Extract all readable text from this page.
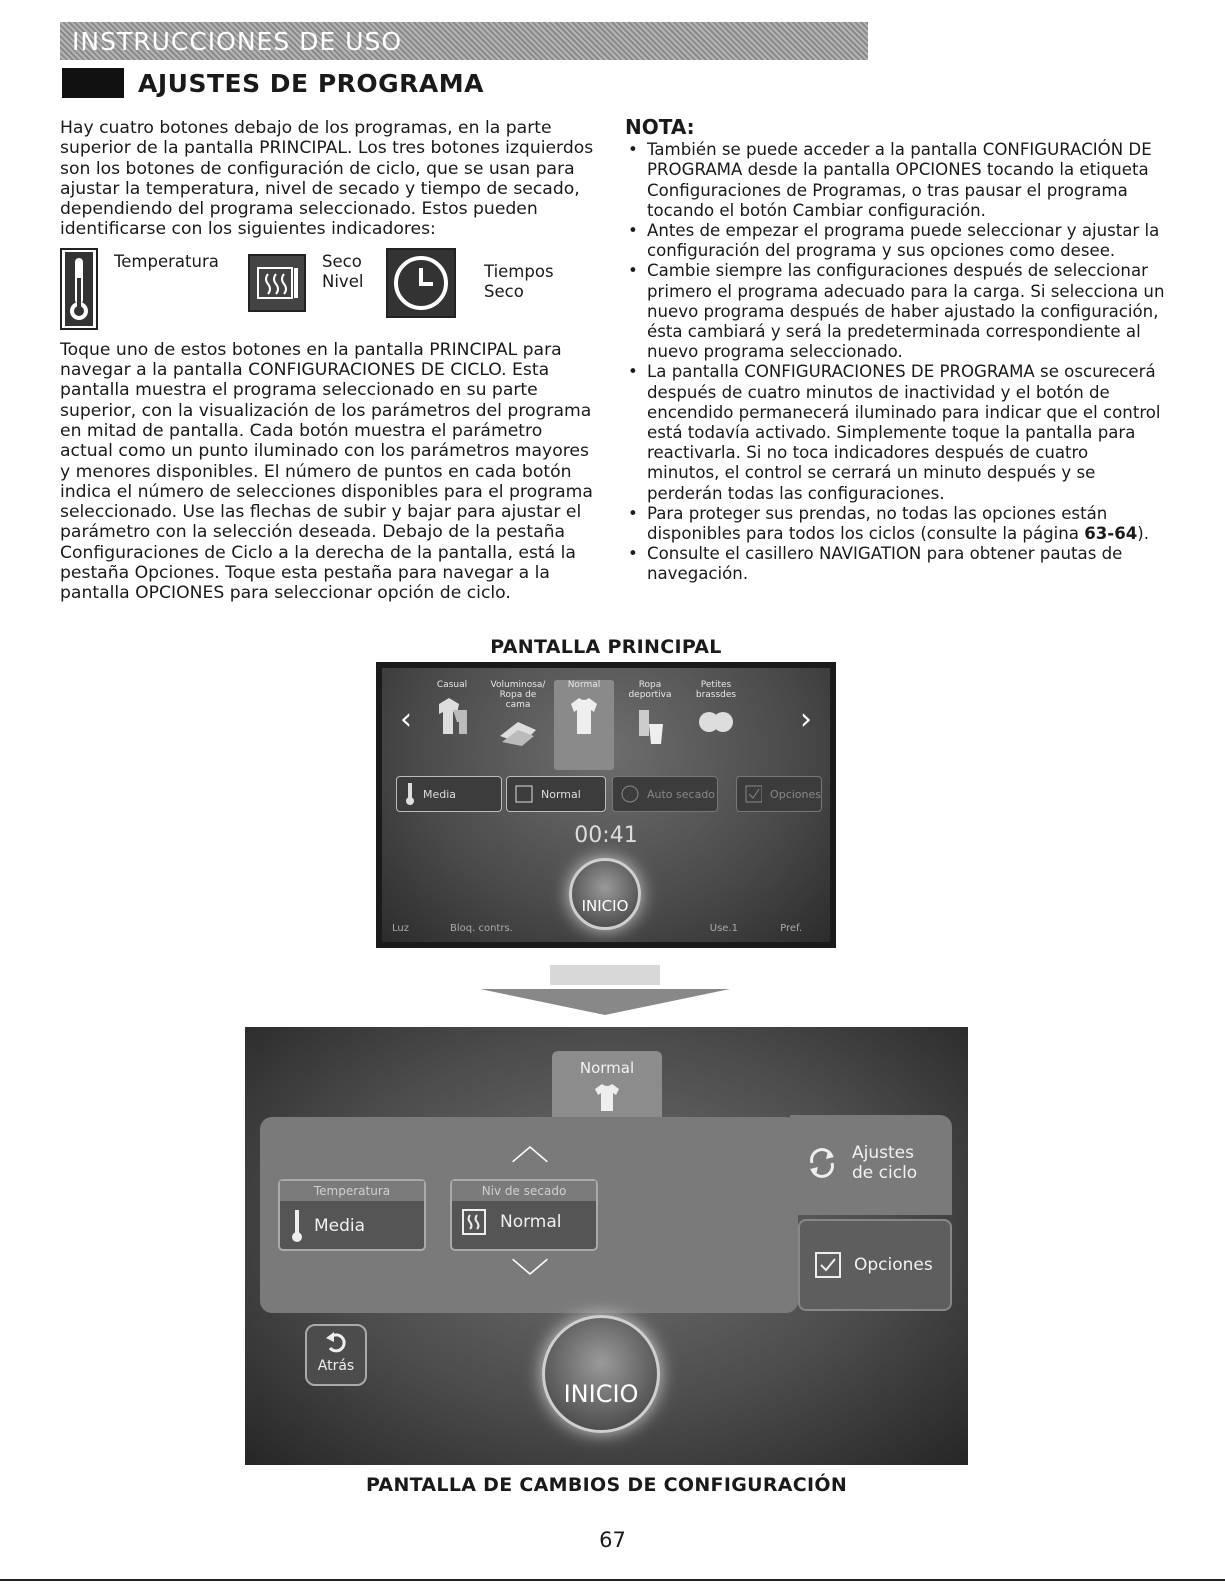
INSTRUCCIONES DE USO
AJUSTES DE PROGRAMA

Hay cuatro botones debajo de los programas, en la parte superior de la pantalla PRINCIPAL. Los tres botones izquierdos son los botones de configuración de ciclo, que se usan para ajustar la temperatura, nivel de secado y tiempo de secado, dependiendo del programa seleccionado. Estos pueden identificarse con los siguientes indicadores:

Temperatura	Seco
Nivel
Tiempos
Seco

Toque uno de estos botones en la pantalla PRINCIPAL para navegar a la pantalla CONFIGURACIONES DE CICLO. Esta pantalla muestra el programa seleccionado en su parte superior, con la visualización de los parámetros del programa en mitad de pantalla. Cada botón muestra el parámetro actual como un punto iluminado con los parámetros mayores y menores disponibles. El número de puntos en cada botón indica el número de selecciones disponibles para el programa seleccionado. Use las flechas de subir y bajar para ajustar el parámetro con la selección deseada. Debajo de la pestaña Configuraciones de Ciclo a la derecha de la pantalla, está la pestaña Opciones. Toque esta pestaña para navegar a la pantalla OPCIONES para seleccionar opción de ciclo.

NOTA:
• También se puede acceder a la pantalla CONFIGURACIÓN DE PROGRAMA desde la pantalla OPCIONES tocando la etiqueta Configuraciones de Programas, o tras pausar el programa tocando el botón Cambiar configuración.
• Antes de empezar el programa puede seleccionar y ajustar la configuración del programa y sus opciones como desee.
• Cambie siempre las configuraciones después de seleccionar primero el programa adecuado para la carga. Si selecciona un nuevo programa después de haber ajustado la configuración, ésta cambiará y será la predeterminada correspondiente al nuevo programa seleccionado.
• La pantalla CONFIGURACIONES DE PROGRAMA se oscurecerá después de cuatro minutos de inactividad y el botón de encendido permanecerá iluminado para indicar que el control está todavía activado. Simplemente toque la pantalla para reactivarla. Si no toca indicadores después de cuatro minutos, el control se cerrará un minuto después y se perderán todas las configuraciones.
• Para proteger sus prendas, no todas las opciones están disponibles para todos los ciclos (consulte la página 63-64).
• Consulte el casillero NAVIGATION para obtener pautas de navegación.
PANTALLA PRINCIPAL
‹	›
Casual	Voluminosa/ Ropa de cama
Normal	Ropa deportiva
Petites brassdes
Media	Normal	Auto secado	Opciones
00:41
INICIO
Luz	Bloq. contrs.	Use.1	Pref.
Normal
Ajustes de ciclo
Opciones
︿
﹀
Temperatura
Media
Niv de secado
Normal
Atrás
INICIO
PANTALLA DE CAMBIOS DE CONFIGURACIÓN
67
